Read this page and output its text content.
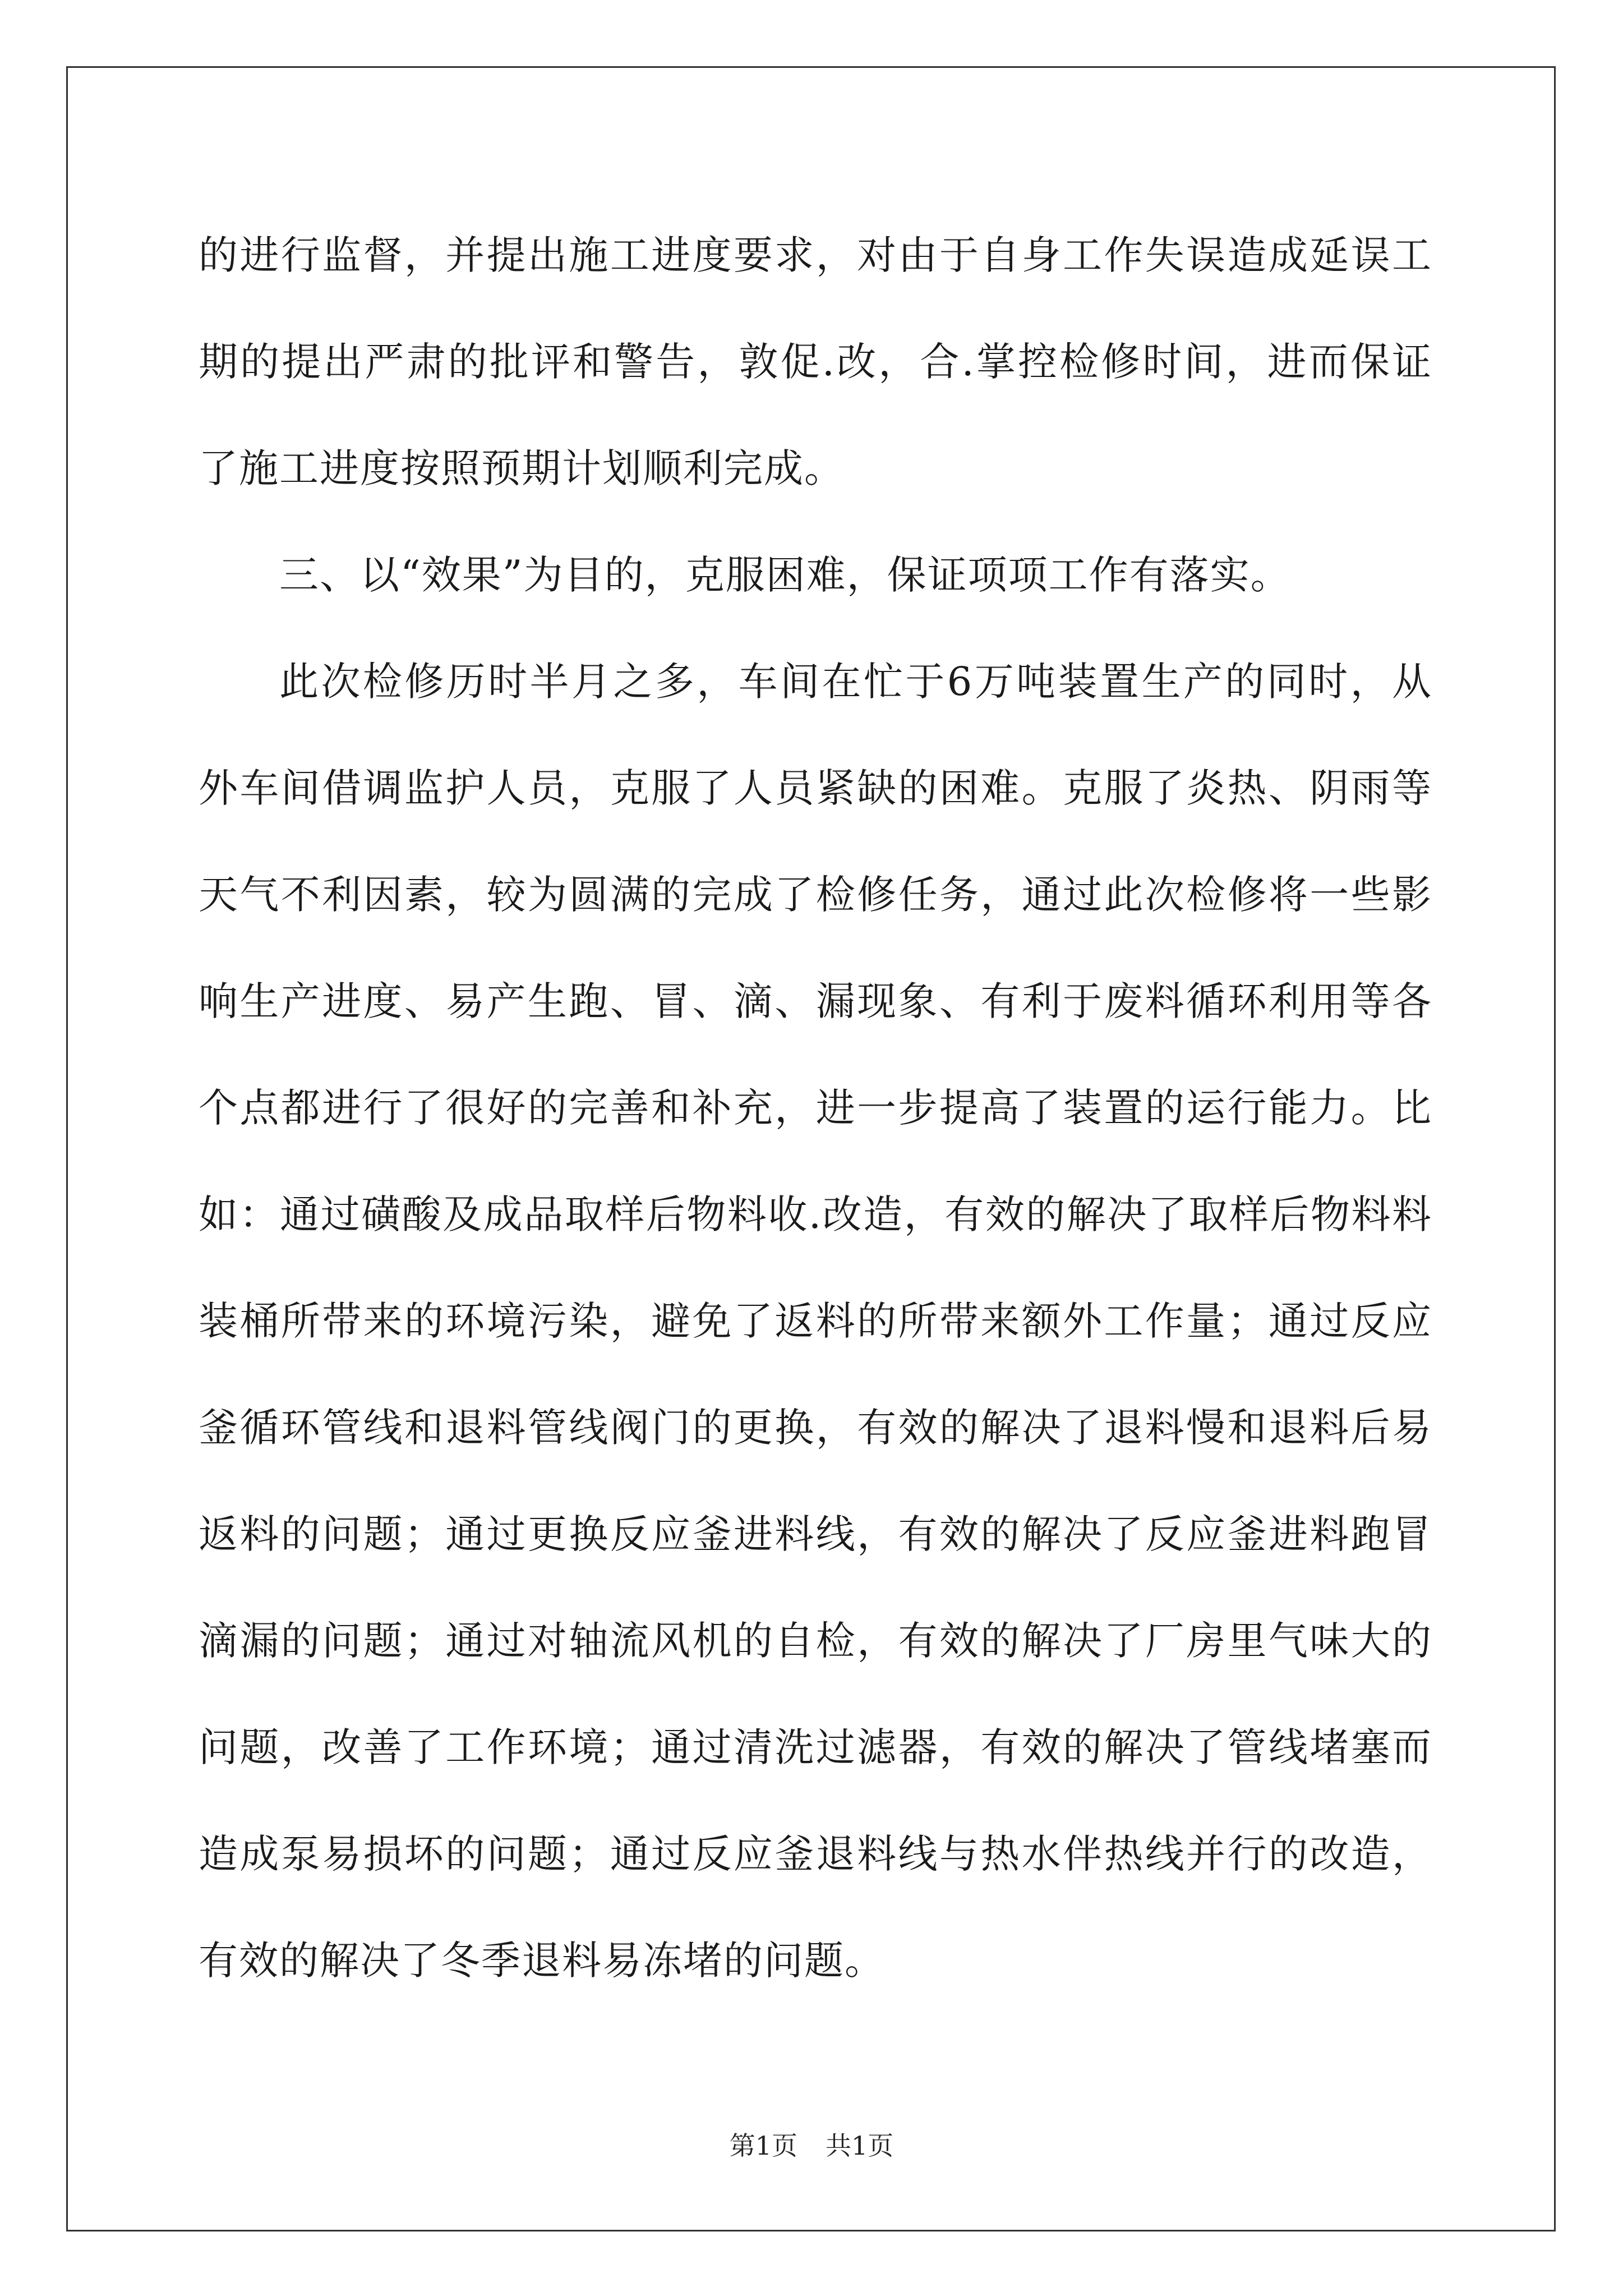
的进行监督，并提出施工进度要求，对由于自身工作失误造成延误工期的提出严肃的批评和警告，敦促.改，合.掌控检修时间，进而保证了施工进度按照预期计划顺利完成。

三、以“效果”为目的，克服困难，保证项项工作有落实。

此次检修历时半月之多，车间在忙于6万吨装置生产的同时，从外车间借调监护人员，克服了人员紧缺的困难。克服了炎热、阴雨等天气不利因素，较为圆满的完成了检修任务，通过此次检修将一些影响生产进度、易产生跑、冒、滴、漏现象、有利于废料循环利用等各个点都进行了很好的完善和补充，进一步提高了装置的运行能力。比如：通过磺酸及成品取样后物料收.改造，有效的解决了取样后物料料装桶所带来的环境污染，避免了返料的所带来额外工作量；通过反应釜循环管线和退料管线阀门的更换，有效的解决了退料慢和退料后易返料的问题；通过更换反应釜进料线，有效的解决了反应釜进料跑冒滴漏的问题；通过对轴流风机的自检，有效的解决了厂房里气味大的问题，改善了工作环境；通过清洗过滤器，有效的解决了管线堵塞而造成泵易损坏的问题；通过反应釜退料线与热水伴热线并行的改造，有效的解决了冬季退料易冻堵的问题。

第1页 共1页
